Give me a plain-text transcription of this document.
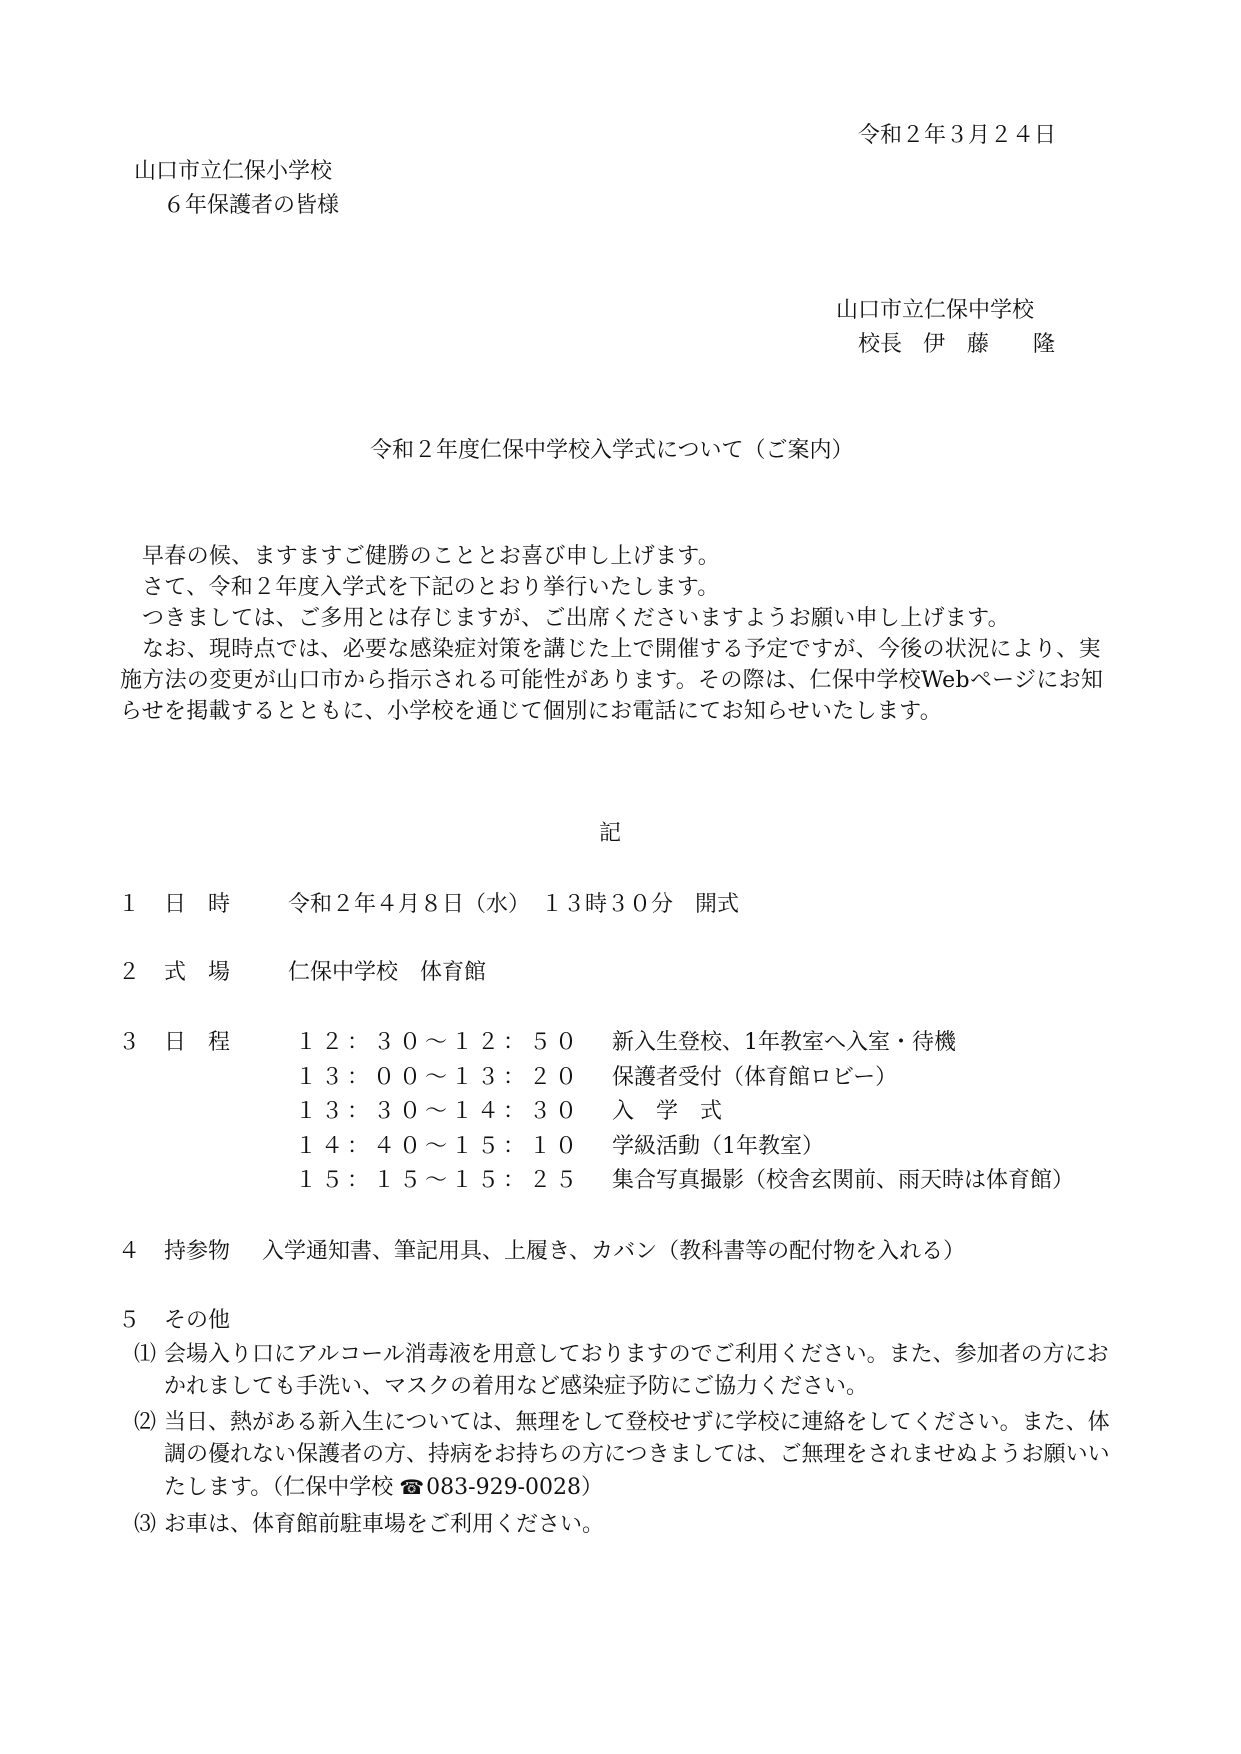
令和２年３月２４日
山口市立仁保小学校
６年保護者の皆様
山口市立仁保中学校
校長 伊　藤　　隆
令和２年度仁保中学校入学式について（ご案内）

早春の候、ますますご健勝のこととお喜び申し上げます。

さて、令和２年度入学式を下記のとおり挙行いたします。

つきましては、ご多用とは存じますが、ご出席くださいますようお願い申し上げます。

なお、現時点では、必要な感染症対策を講じた上で開催する予定ですが、今後の状況により、実施方法の変更が山口市から指示される可能性があります。その際は、仁保中学校Webページにお知らせを掲載するとともに、小学校を通じて個別にお電話にてお知らせいたします。

記
１ 日　時	令和２年４月８日（水）　１３時３０分　開式
２ 式　場	仁保中学校　体育館
３ 日　程	１２：３０～１２：５０ 新入生登校、1年教室へ入室・待機
１３：００～１３：２０ 保護者受付（体育館ロビー）
１３：３０～１４：３０ 入　学　式
１４：４０～１５：１０ 学級活動（1年教室）
１５：１５～１５：２５ 集合写真撮影（校舎玄関前、雨天時は体育館）
４ 持参物 入学通知書、筆記用具、上履き、カバン（教科書等の配付物を入れる）
５ その他
⑴ 会場入り口にアルコール消毒液を用意しておりますのでご利用ください。また、参加者の方におかれましても手洗い、マスクの着用など感染症予防にご協力ください。
⑵ 当日、熱がある新入生については、無理をして登校せずに学校に連絡をしてください。また、体調の優れない保護者の方、持病をお持ちの方につきましては、ご無理をされませぬようお願いいたします。（仁保中学校 ☎083-929-0028）
⑶ お車は、体育館前駐車場をご利用ください。
